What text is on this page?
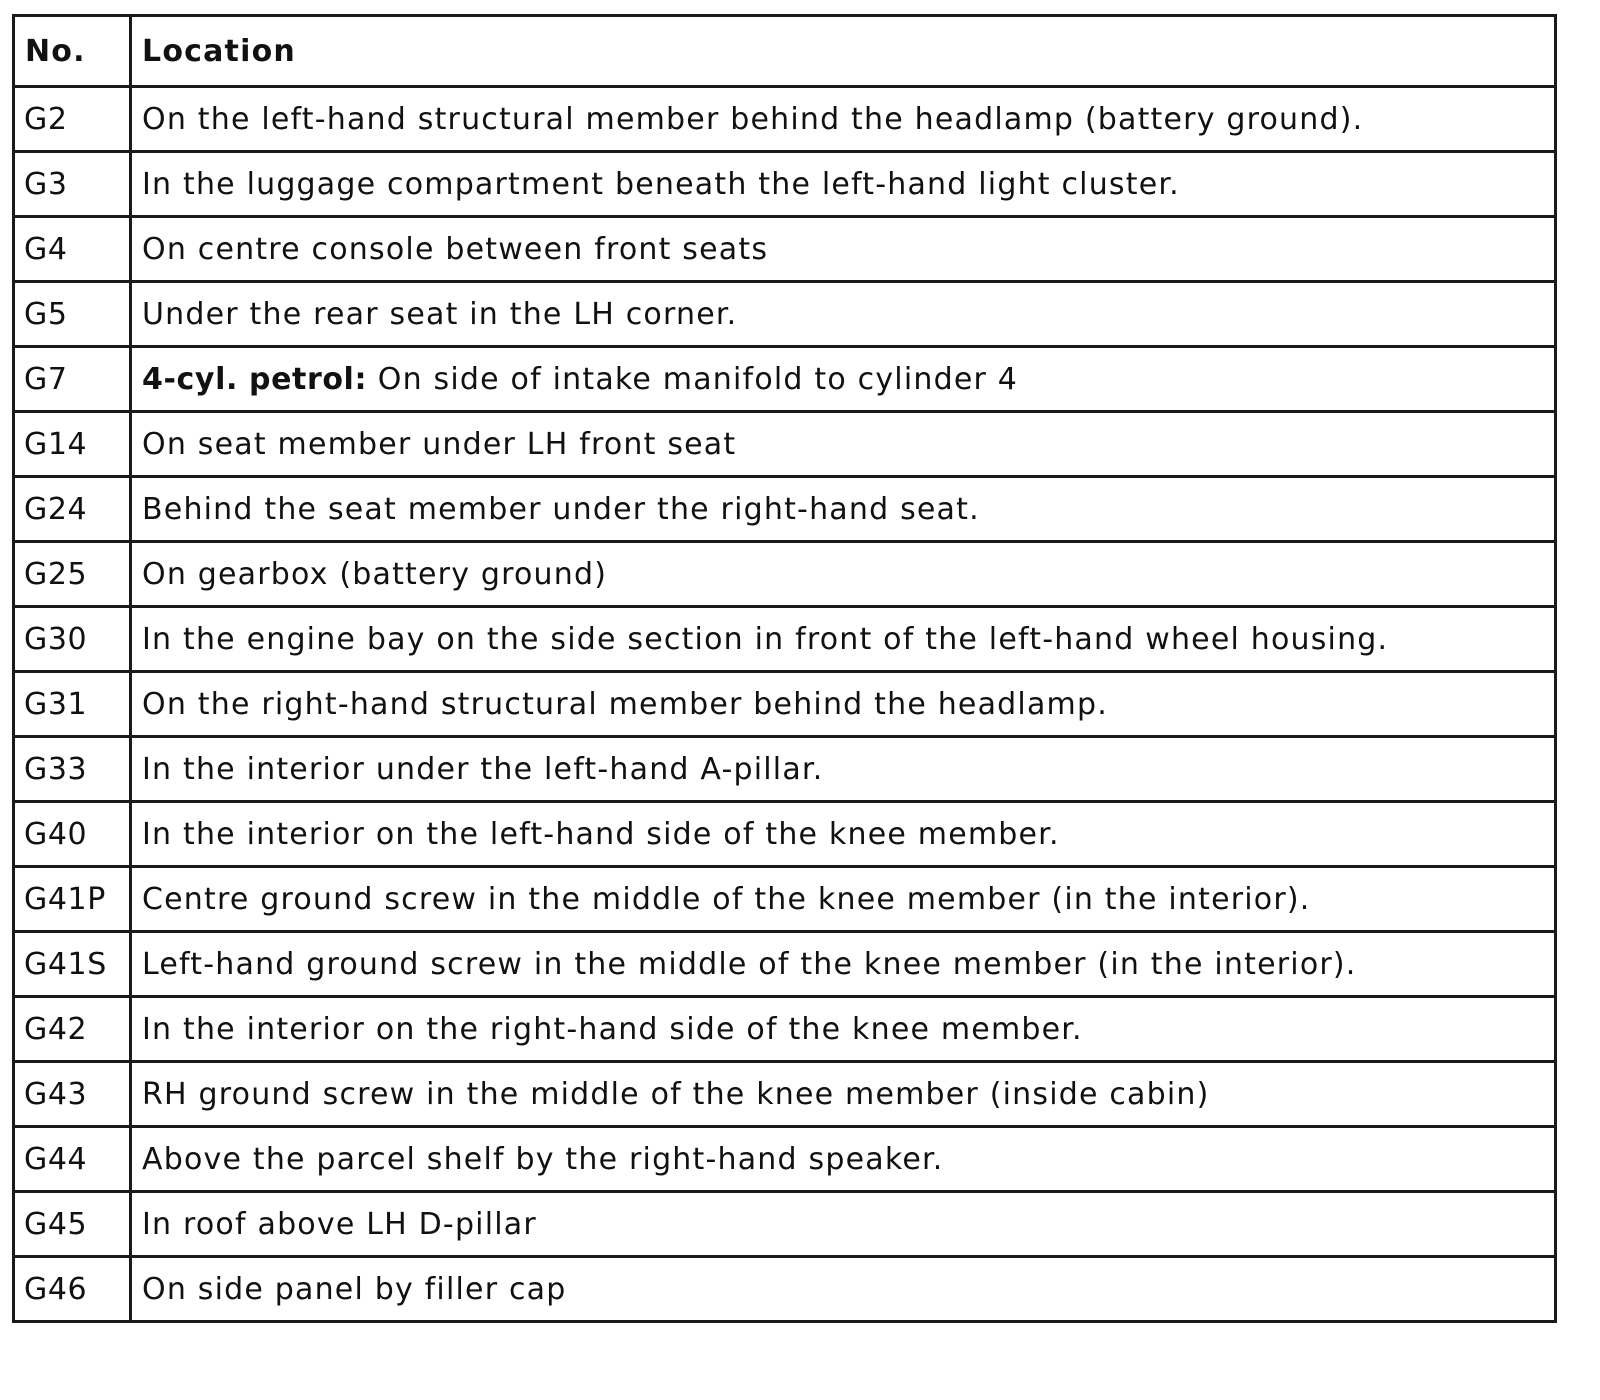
No.	Location
G2	On the left-hand structural member behind the headlamp (battery ground).
G3	In the luggage compartment beneath the left-hand light cluster.
G4	On centre console between front seats
G5	Under the rear seat in the LH corner.
G7	4-cyl. petrol: On side of intake manifold to cylinder 4
G14	On seat member under LH front seat
G24	Behind the seat member under the right-hand seat.
G25	On gearbox (battery ground)
G30	In the engine bay on the side section in front of the left-hand wheel housing.
G31	On the right-hand structural member behind the headlamp.
G33	In the interior under the left-hand A-pillar.
G40	In the interior on the left-hand side of the knee member.
G41P	Centre ground screw in the middle of the knee member (in the interior).
G41S	Left-hand ground screw in the middle of the knee member (in the interior).
G42	In the interior on the right-hand side of the knee member.
G43	RH ground screw in the middle of the knee member (inside cabin)
G44	Above the parcel shelf by the right-hand speaker.
G45	In roof above LH D-pillar
G46	On side panel by filler cap
